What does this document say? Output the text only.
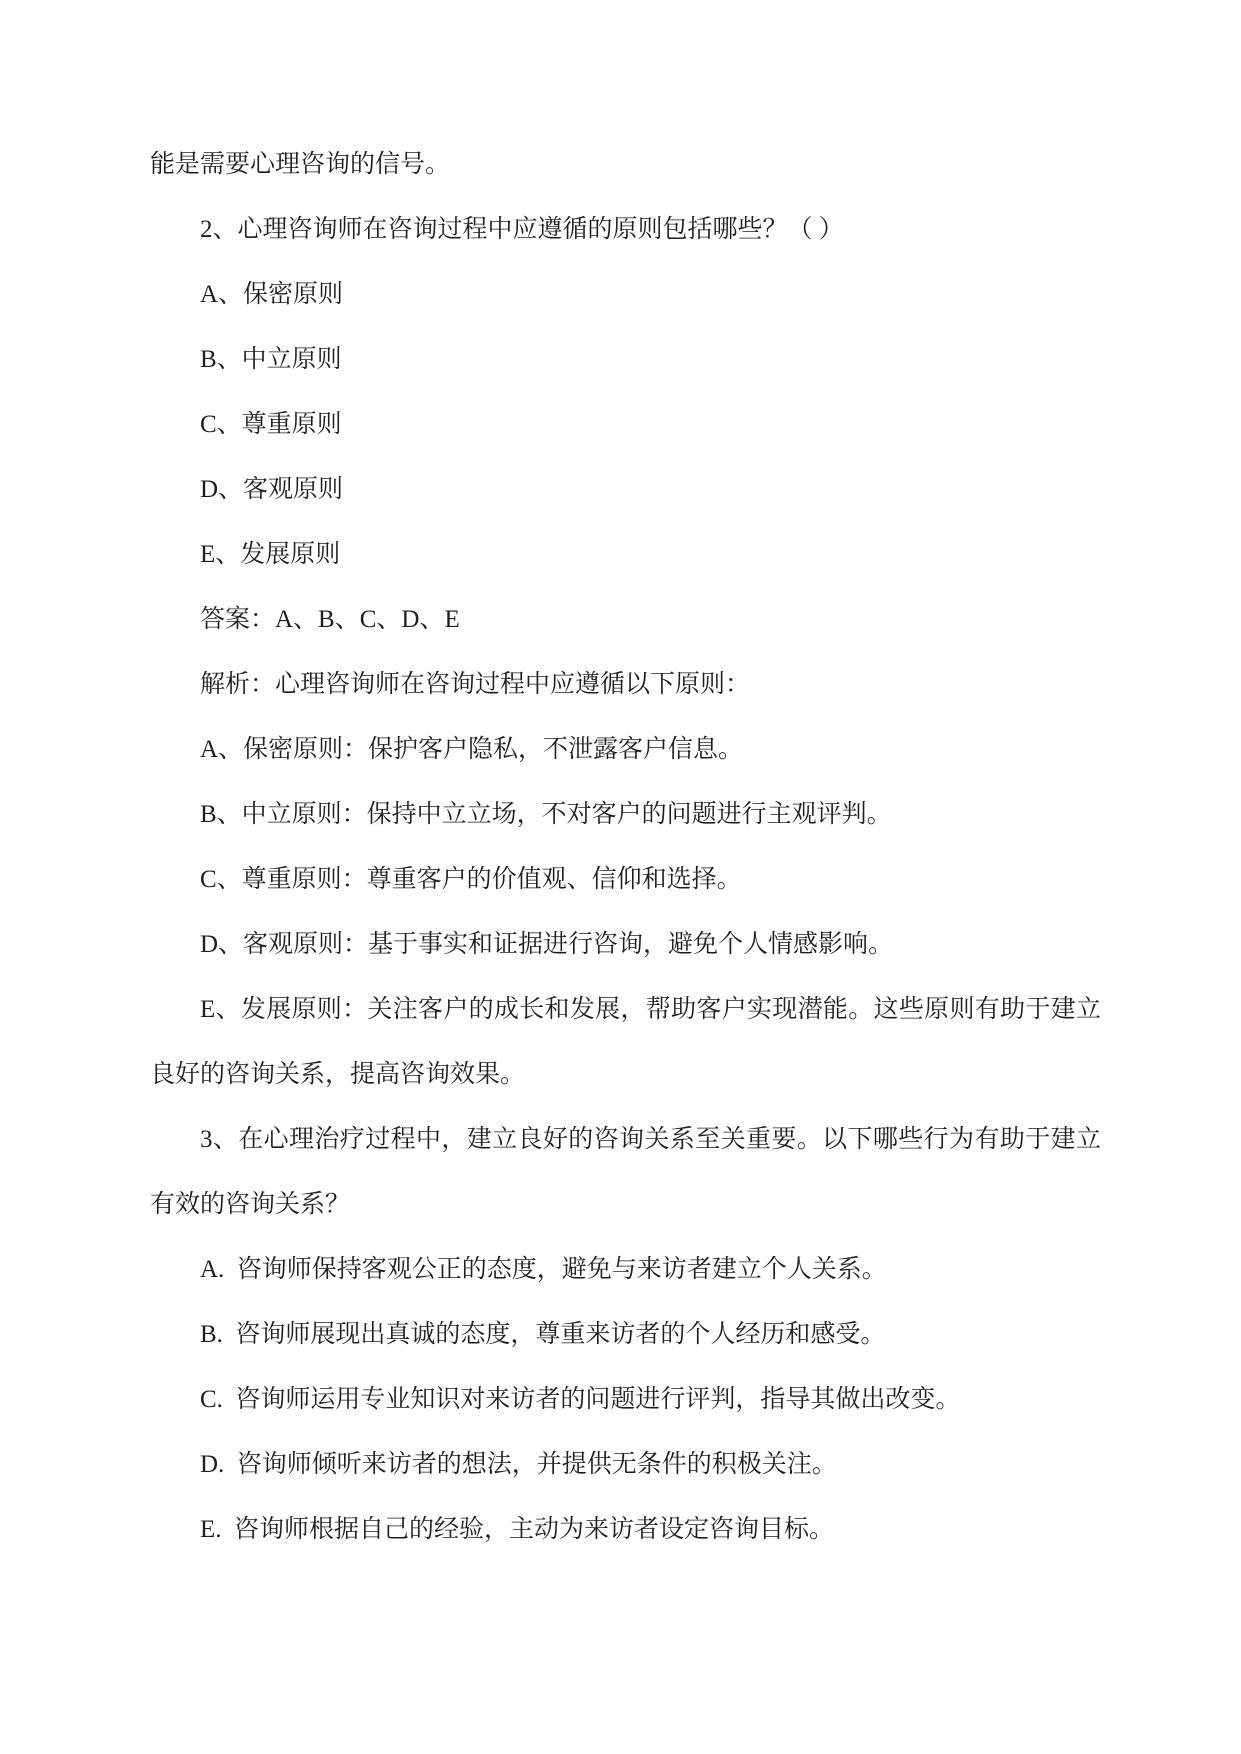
能是需要心理咨询的信号。

2、心理咨询师在咨询过程中应遵循的原则包括哪些？（ ）

A、保密原则

B、中立原则

C、尊重原则

D、客观原则

E、发展原则

答案：A、B、C、D、E

解析：心理咨询师在咨询过程中应遵循以下原则：

A、保密原则：保护客户隐私，不泄露客户信息。

B、中立原则：保持中立立场，不对客户的问题进行主观评判。

C、尊重原则：尊重客户的价值观、信仰和选择。

D、客观原则：基于事实和证据进行咨询，避免个人情感影响。

E、发展原则：关注客户的成长和发展，帮助客户实现潜能。这些原则有助于建立良好的咨询关系，提高咨询效果。

3、在心理治疗过程中，建立良好的咨询关系至关重要。以下哪些行为有助于建立有效的咨询关系？

A.  咨询师保持客观公正的态度，避免与来访者建立个人关系。

B.  咨询师展现出真诚的态度，尊重来访者的个人经历和感受。

C.  咨询师运用专业知识对来访者的问题进行评判，指导其做出改变。

D.  咨询师倾听来访者的想法，并提供无条件的积极关注。

E.  咨询师根据自己的经验，主动为来访者设定咨询目标。
